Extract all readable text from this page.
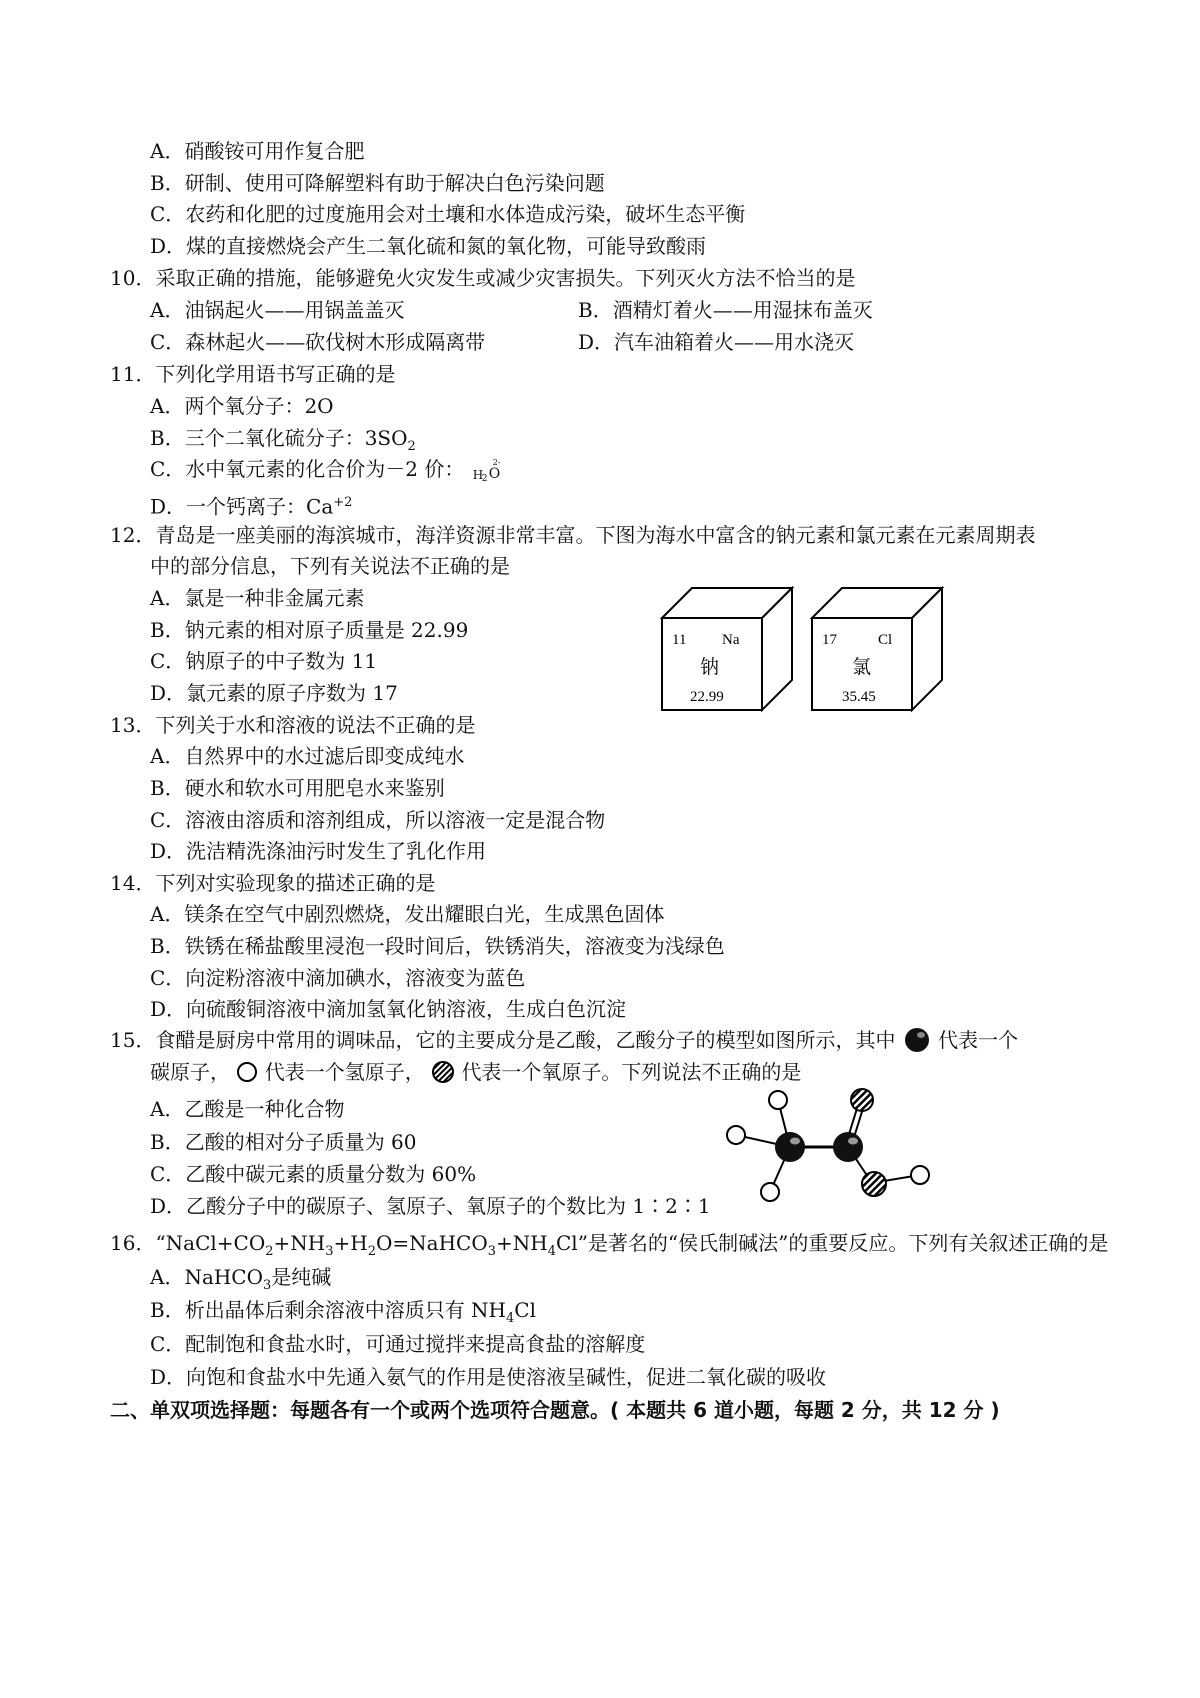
A．硝酸铵可用作复合肥
B．研制、使用可降解塑料有助于解决白色污染问题
C．农药和化肥的过度施用会对土壤和水体造成污染，破坏生态平衡
D．煤的直接燃烧会产生二氧化硫和氮的氧化物，可能导致酸雨
10．采取正确的措施，能够避免火灾发生或减少灾害损失。下列灭火方法不恰当的是
A．油锅起火——用锅盖盖灭	B．酒精灯着火——用湿抹布盖灭
C．森林起火——砍伐树木形成隔离带	D．汽车油箱着火——用水浇灭
11．下列化学用语书写正确的是
A．两个氧分子：2O
B．三个二氧化硫分子：$3SO_2$
C．水中氧元素的化合价为－2 价： H
2 O
2-
D．一个钙离子：$Ca^{+2}$
12．青岛是一座美丽的海滨城市，海洋资源非常丰富。下图为海水中富含的钠元素和氯元素在元素周期表
中的部分信息，下列有关说法不正确的是
A．氯是一种非金属元素
B．钠元素的相对原子质量是 22.99
C．钠原子的中子数为 11
D．氯元素的原子序数为 17
11 Na
钠
22.99
17	Cl
氯
35.45
13．下列关于水和溶液的说法不正确的是
A．自然界中的水过滤后即变成纯水
B．硬水和软水可用肥皂水来鉴别
C．溶液由溶质和溶剂组成，所以溶液一定是混合物
D．洗洁精洗涤油污时发生了乳化作用
14．下列对实验现象的描述正确的是
A．镁条在空气中剧烈燃烧，发出耀眼白光，生成黑色固体
B．铁锈在稀盐酸里浸泡一段时间后，铁锈消失，溶液变为浅绿色
C．向淀粉溶液中滴加碘水，溶液变为蓝色
D．向硫酸铜溶液中滴加氢氧化钠溶液，生成白色沉淀
15．食醋是厨房中常用的调味品，它的主要成分是乙酸，乙酸分子的模型如图所示，其中 代表一个
碳原子， 代表一个氢原子， 代表一个氧原子。下列说法不正确的是
A．乙酸是一种化合物
B．乙酸的相对分子质量为 60
C．乙酸中碳元素的质量分数为 60%
D．乙酸分子中的碳原子、氢原子、氧原子的个数比为 1∶2∶1
16．“$NaCl+CO_2+NH_3+H_2O=NaHCO_3+NH_4Cl$”是著名的“侯氏制碱法”的重要反应。下列有关叙述正确的是
A．NaHCO$_3$是纯碱
B．析出晶体后剩余溶液中溶质只有 $NH_4Cl$
C．配制饱和食盐水时，可通过搅拌来提高食盐的溶解度
D．向饱和食盐水中先通入氨气的作用是使溶液呈碱性，促进二氧化碳的吸收
二、单双项选择题：每题各有一个或两个选项符合题意。( 本题共 6 道小题，每题 2 分，共 12 分 )
